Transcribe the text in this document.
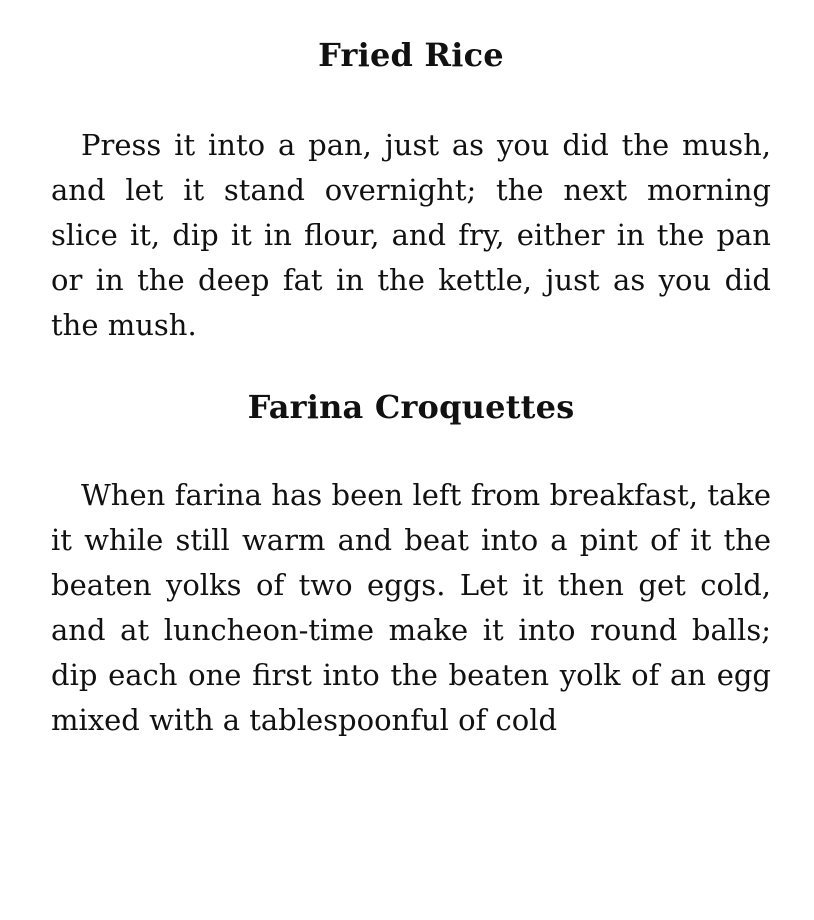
Fried Rice

Press it into a pan, just as you did the mush, and let it stand overnight; the next morning slice it, dip it in flour, and fry, either in the pan or in the deep fat in the kettle, just as you did the mush.

Farina Croquettes

When farina has been left from breakfast, take it while still warm and beat into a pint of it the beaten yolks of two eggs. Let it then get cold, and at luncheon-time make it into round balls; dip each one first into the beaten yolk of an egg mixed with a tablespoonful of cold
